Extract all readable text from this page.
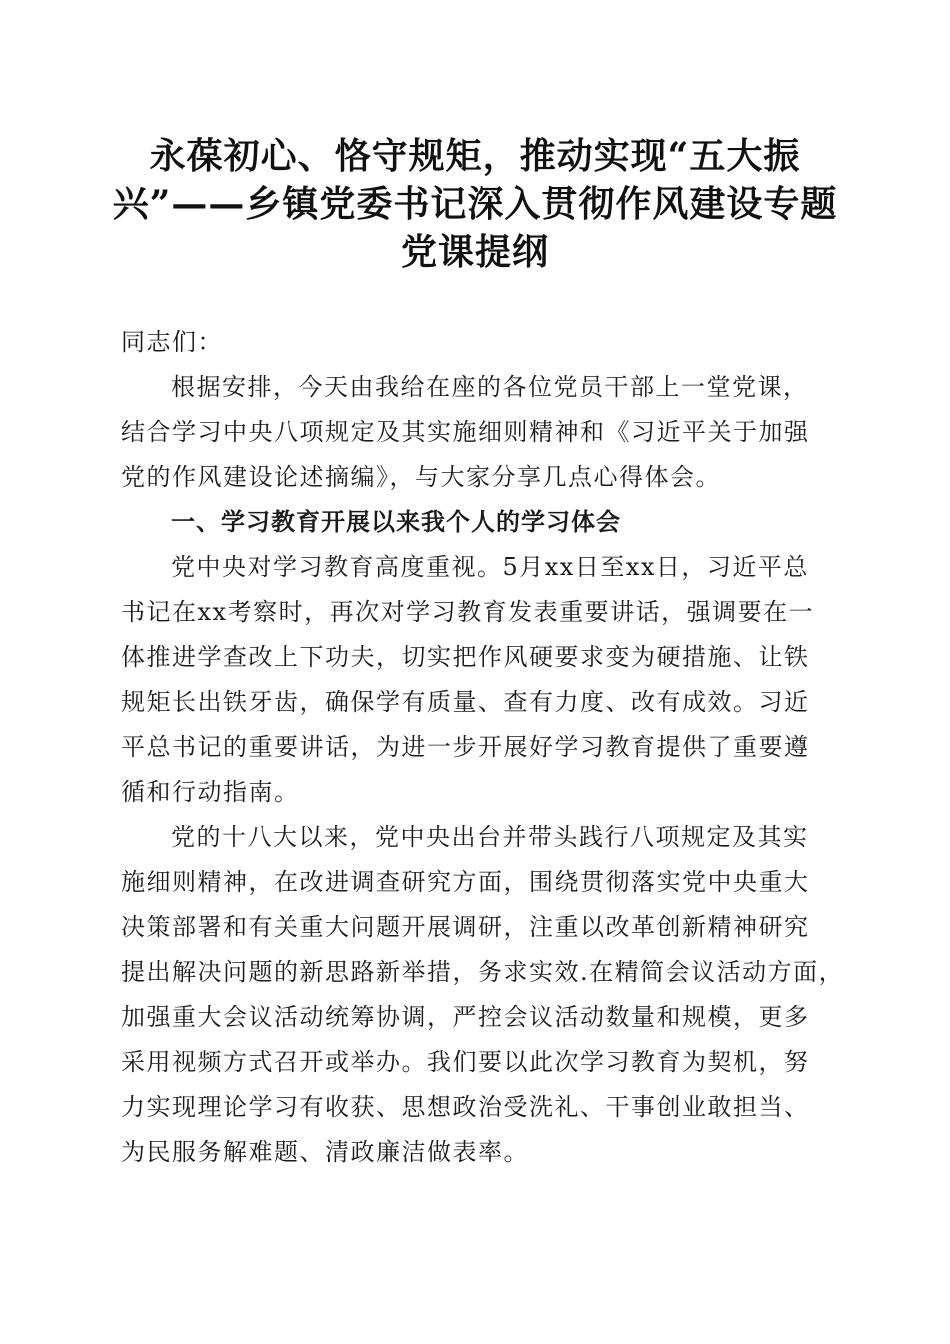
永葆初心、恪守规矩，推动实现“五大振
兴”——乡镇党委书记深入贯彻作风建设专题
党课提纲

同志们：

根据安排，今天由我给在座的各位党员干部上一堂党课，
结合学习中央八项规定及其实施细则精神和《习近平关于加强
党的作风建设论述摘编》，与大家分享几点心得体会。

一、学习教育开展以来我个人的学习体会

党中央对学习教育高度重视。5月xx日至xx日，习近平总
书记在xx考察时，再次对学习教育发表重要讲话，强调要在一
体推进学查改上下功夫，切实把作风硬要求变为硬措施、让铁
规矩长出铁牙齿，确保学有质量、查有力度、改有成效。习近
平总书记的重要讲话，为进一步开展好学习教育提供了重要遵
循和行动指南。

党的十八大以来，党中央出台并带头践行八项规定及其实
施细则精神，在改进调查研究方面，围绕贯彻落实党中央重大
决策部署和有关重大问题开展调研，注重以改革创新精神研究
提出解决问题的新思路新举措，务求实效.在精简会议活动方面，
加强重大会议活动统筹协调，严控会议活动数量和规模，更多
采用视频方式召开或举办。我们要以此次学习教育为契机，努
力实现理论学习有收获、思想政治受洗礼、干事创业敢担当、
为民服务解难题、清政廉洁做表率。
